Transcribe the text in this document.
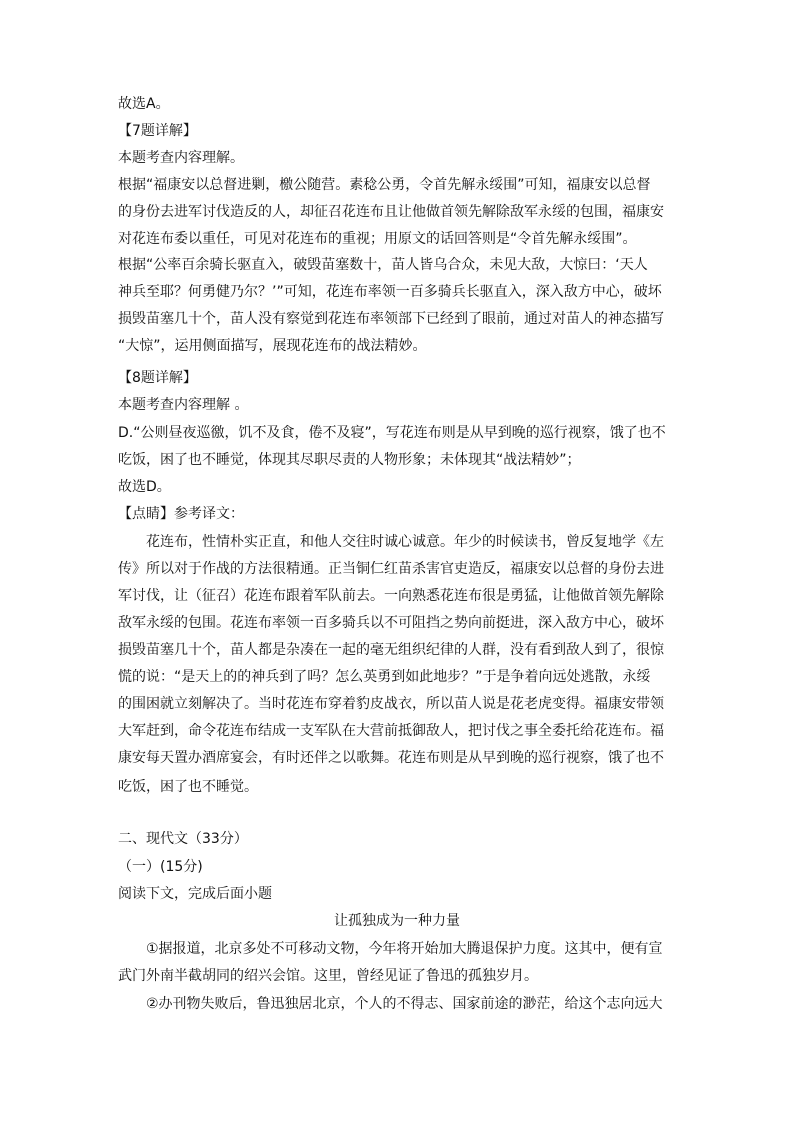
故选A。
【7题详解】
本题考查内容理解。
根据“福康安以总督进剿，檄公随营。素稔公勇，令首先解永绥围”可知，福康安以总督
的身份去进军讨伐造反的人，却征召花连布且让他做首领先解除敌军永绥的包围，福康安
对花连布委以重任，可见对花连布的重视；用原文的话回答则是“令首先解永绥围”。
根据“公率百余骑长驱直入，破毁苗塞数十，苗人皆乌合众，未见大敌，大惊曰：‘天人
神兵至耶？何勇健乃尔？’”可知，花连布率领一百多骑兵长驱直入，深入敌方中心，破坏
损毁苗塞几十个，苗人没有察觉到花连布率领部下已经到了眼前，通过对苗人的神态描写
“大惊”，运用侧面描写，展现花连布的战法精妙。
【8题详解】
本题考查内容理解 。
D.“公则昼夜巡徼，饥不及食，倦不及寝”，写花连布则是从早到晚的巡行视察，饿了也不
吃饭，困了也不睡觉，体现其尽职尽责的人物形象；未体现其“战法精妙”；
故选D。
【点睛】参考译文：
花连布，性情朴实正直，和他人交往时诚心诚意。年少的时候读书，曾反复地学《左
传》所以对于作战的方法很精通。正当铜仁红苗杀害官吏造反，福康安以总督的身份去进
军讨伐，让（征召）花连布跟着军队前去。一向熟悉花连布很是勇猛，让他做首领先解除
敌军永绥的包围。花连布率领一百多骑兵以不可阻挡之势向前挺进，深入敌方中心，破坏
损毁苗塞几十个，苗人都是杂凑在一起的毫无组织纪律的人群，没有看到敌人到了，很惊
慌的说：“是天上的的神兵到了吗？怎么英勇到如此地步？”于是争着向远处逃散，永绥
的围困就立刻解决了。当时花连布穿着豹皮战衣，所以苗人说是花老虎变得。福康安带领
大军赶到，命令花连布结成一支军队在大营前抵御敌人，把讨伐之事全委托给花连布。福
康安每天置办酒席宴会，有时还伴之以歌舞。花连布则是从早到晚的巡行视察，饿了也不
吃饭，困了也不睡觉。
二、现代文（33分）
（一）(15分)
阅读下文，完成后面小题
让孤独成为一种力量
①据报道，北京多处不可移动文物，今年将开始加大腾退保护力度。这其中，便有宣
武门外南半截胡同的绍兴会馆。这里，曾经见证了鲁迅的孤独岁月。
②办刊物失败后，鲁迅独居北京，个人的不得志、国家前途的渺茫，给这个志向远大
